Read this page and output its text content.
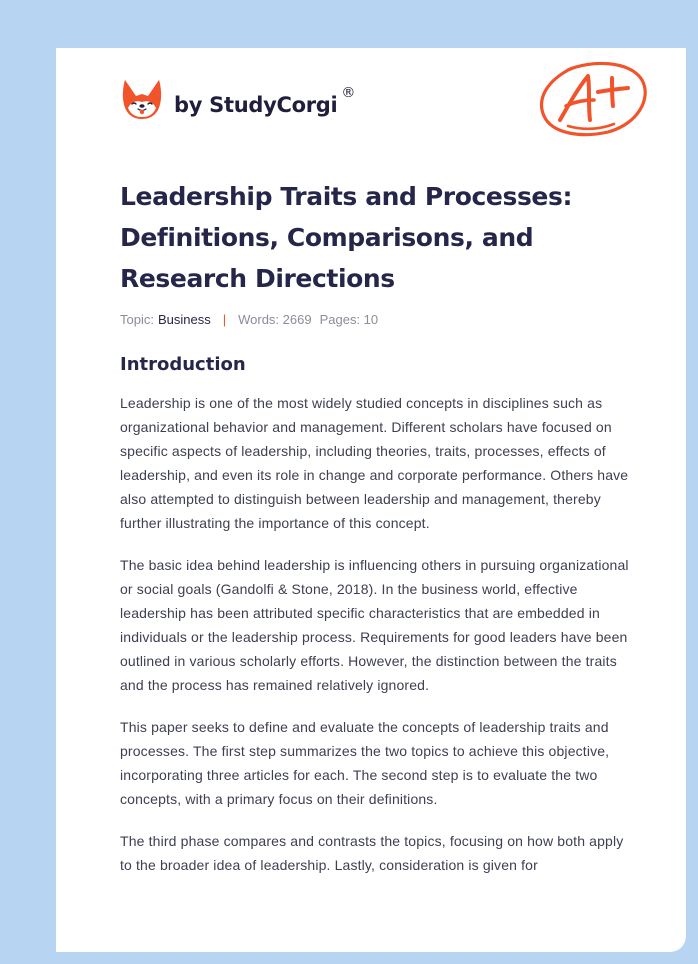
by StudyCorgi ®
Leadership Traits and Processes: Definitions, Comparisons, and Research Directions
Topic: Business | Words: 2669 Pages: 10
Introduction

Leadership is one of the most widely studied concepts in disciplines such as organizational behavior and management. Different scholars have focused on specific aspects of leadership, including theories, traits, processes, effects of leadership, and even its role in change and corporate performance. Others have also attempted to distinguish between leadership and management, thereby further illustrating the importance of this concept.

The basic idea behind leadership is influencing others in pursuing organizational or social goals (Gandolfi & Stone, 2018). In the business world, effective leadership has been attributed specific characteristics that are embedded in individuals or the leadership process. Requirements for good leaders have been outlined in various scholarly efforts. However, the distinction between the traits and the process has remained relatively ignored.

This paper seeks to define and evaluate the concepts of leadership traits and processes. The first step summarizes the two topics to achieve this objective, incorporating three articles for each. The second step is to evaluate the two concepts, with a primary focus on their definitions.

The third phase compares and contrasts the topics, focusing on how both apply to the broader idea of leadership. Lastly, consideration is given for
